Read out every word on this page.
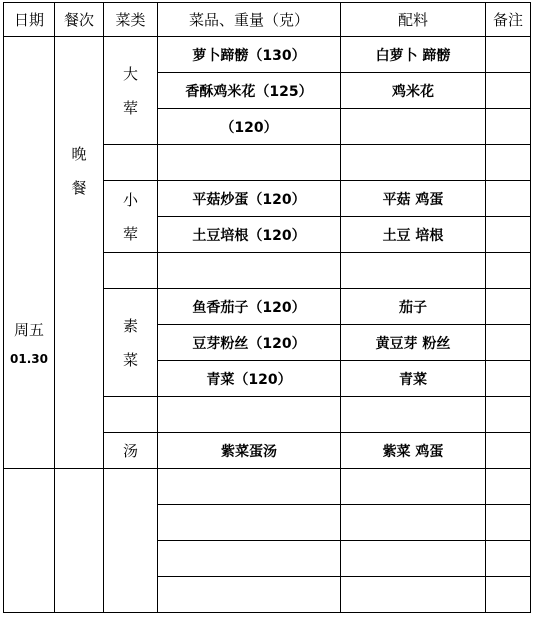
日期	餐次	菜类	菜品、重量（克）	配料	备注

周五
01.30	晚餐	大荤	萝卜蹄髈（130）	白萝卜 蹄髈	
			香酥鸡米花（125）	鸡米花	
			（120）		

		小荤	平菇炒蛋（120）	平菇 鸡蛋	
			土豆培根（120）	土豆 培根	

		素菜	鱼香茄子（120）	茄子	
			豆芽粉丝（120）	黄豆芽 粉丝	
			青菜（120）	青菜	

		汤	紫菜蛋汤	紫菜 鸡蛋	
